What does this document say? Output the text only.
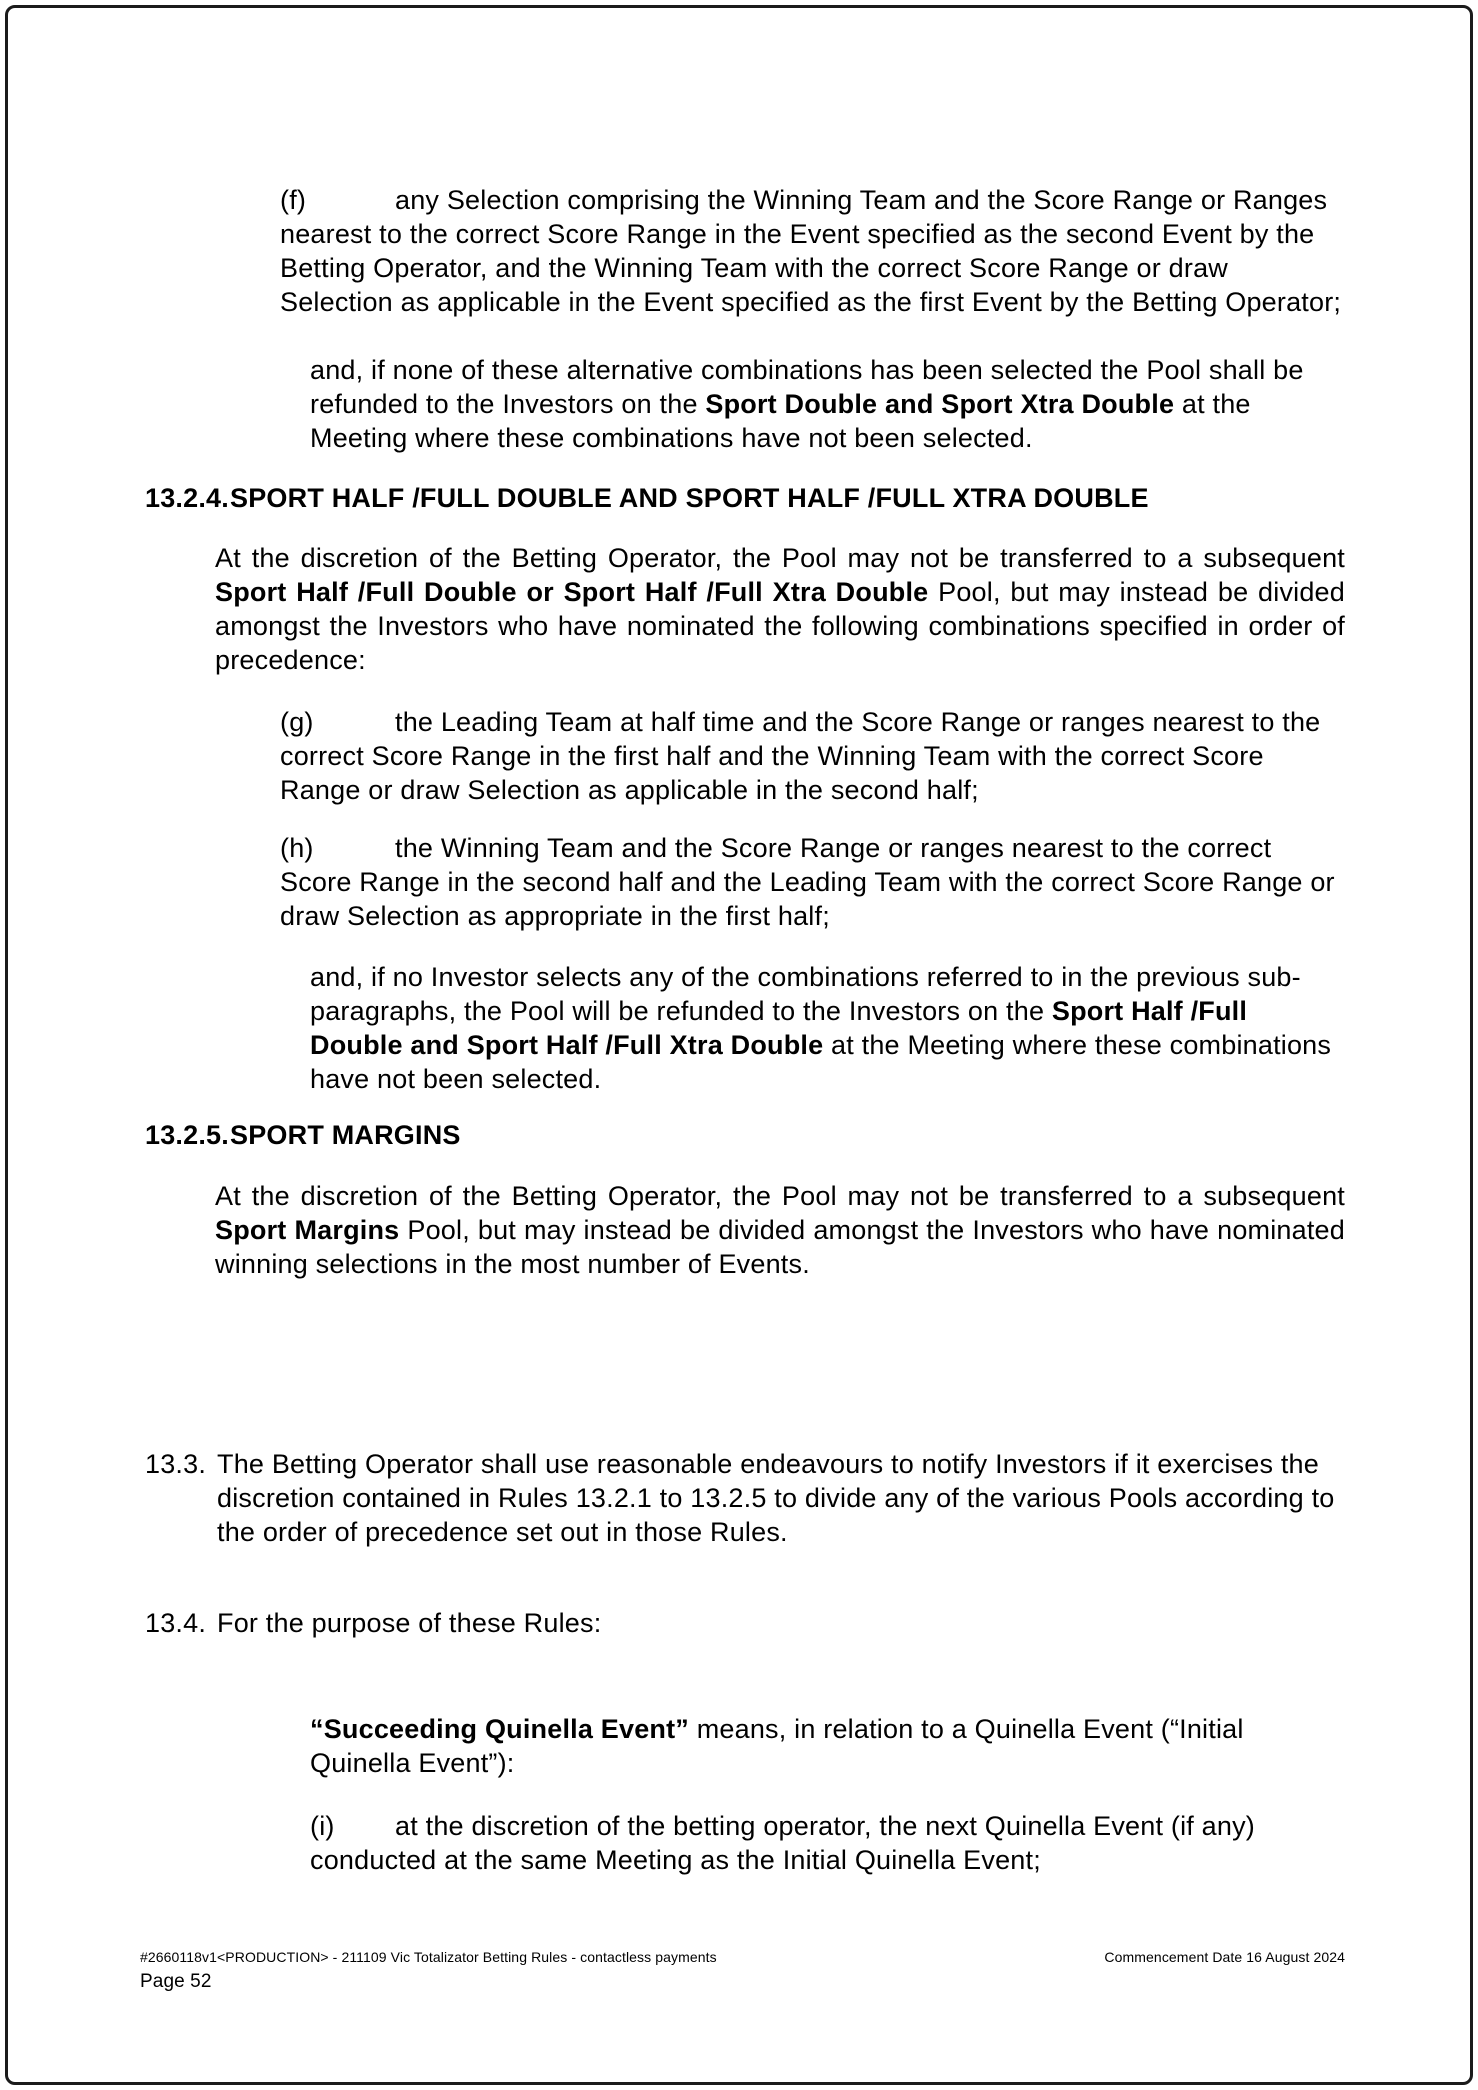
(f)	any Selection comprising the Winning Team and the Score Range or Ranges nearest to the correct Score Range in the Event specified as the second Event by the Betting Operator, and the Winning Team with the correct Score Range or draw Selection as applicable in the Event specified as the first Event by the Betting Operator;
and, if none of these alternative combinations has been selected the Pool shall be refunded to the Investors on the Sport Double and Sport Xtra Double at the Meeting where these combinations have not been selected.
13.2.4. SPORT HALF /FULL DOUBLE AND SPORT HALF /FULL XTRA DOUBLE
At the discretion of the Betting Operator, the Pool may not be transferred to a subsequent Sport Half /Full Double or Sport Half /Full Xtra Double Pool, but may instead be divided amongst the Investors who have nominated the following combinations specified in order of precedence:
(g)	the Leading Team at half time and the Score Range or ranges nearest to the correct Score Range in the first half and the Winning Team with the correct Score Range or draw Selection as applicable in the second half;
(h)	the Winning Team and the Score Range or ranges nearest to the correct Score Range in the second half and the Leading Team with the correct Score Range or draw Selection as appropriate in the first half;
and, if no Investor selects any of the combinations referred to in the previous sub-paragraphs, the Pool will be refunded to the Investors on the Sport Half /Full Double and Sport Half /Full Xtra Double at the Meeting where these combinations have not been selected.
13.2.5. SPORT MARGINS
At the discretion of the Betting Operator, the Pool may not be transferred to a subsequent Sport Margins Pool, but may instead be divided amongst the Investors who have nominated winning selections in the most number of Events.
13.3. The Betting Operator shall use reasonable endeavours to notify Investors if it exercises the discretion contained in Rules 13.2.1 to 13.2.5 to divide any of the various Pools according to the order of precedence set out in those Rules.
13.4. For the purpose of these Rules:
“Succeeding Quinella Event” means, in relation to a Quinella Event (“Initial Quinella Event”):
(i) at the discretion of the betting operator, the next Quinella Event (if any) conducted at the same Meeting as the Initial Quinella Event;
#2660118v1<PRODUCTION> - 211109 Vic Totalizator Betting Rules - contactless payments	Commencement Date 16 August 2024
Page 52
